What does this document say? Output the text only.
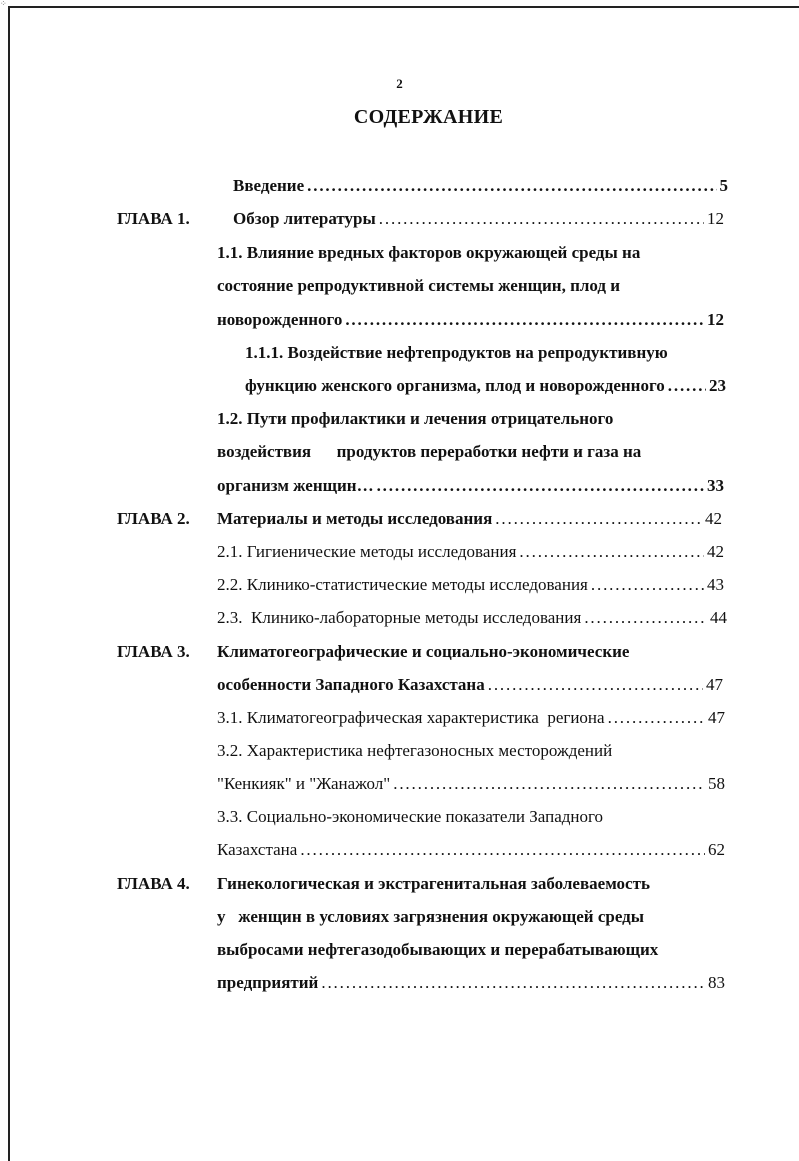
⁘
2
СОДЕРЖАНИЕ
Введение . . .	5
ГЛАВА 1.	Обзор литературы . . .	12
1.1. Влияние вредных факторов окружающей среды на
состояние репродуктивной системы женщин, плод и
новорожденного . . .	12
1.1.1. Воздействие нефтепродуктов на репродуктивную
функцию женского организма, плод и новорожденного . . .	23
1.2. Пути профилактики и лечения отрицательного
воздействия      продуктов переработки нефти и газа на
организм женщин… . . .	33
ГЛАВА 2. Материалы и методы исследования . . .	42
2.1. Гигиенические методы исследования . . .	42
2.2. Клинико-статистические методы исследования . . .	43
2.3.  Клинико-лабораторные методы исследования . . .	44
ГЛАВА 3. Климатогеографические и социально-экономические
особенности Западного Казахстана . . .	47
3.1. Климатогеографическая характеристика  региона . . .	47
3.2. Характеристика нефтегазоносных месторождений
"Кенкияк" и "Жанажол" . . .	58
3.3. Социально-экономические показатели Западного
Казахстана . . .	62
ГЛАВА 4. Гинекологическая и экстрагенитальная заболеваемость
у   женщин в условиях загрязнения окружающей среды
выбросами нефтегазодобывающих и перерабатывающих
предприятий . . .	83
